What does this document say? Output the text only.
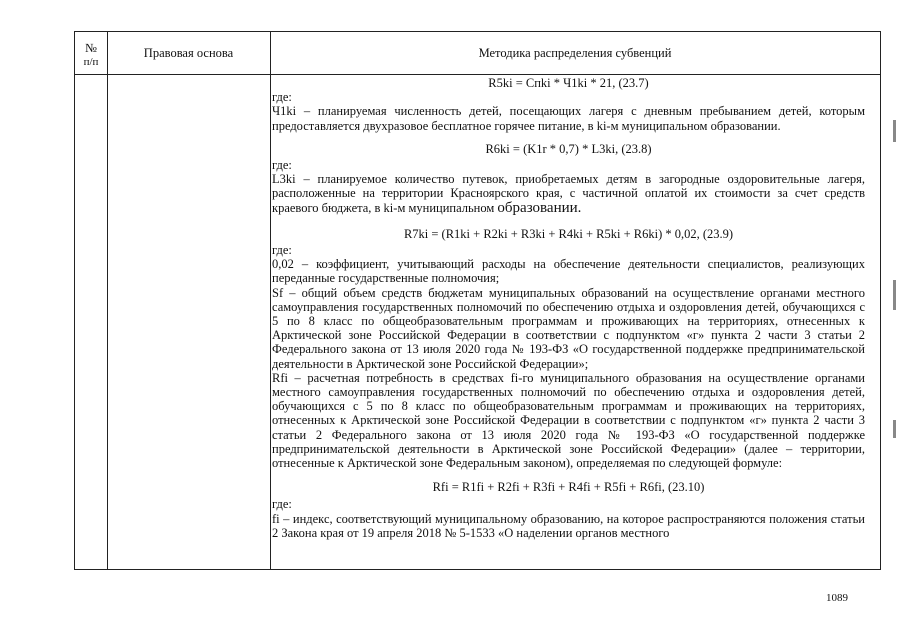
№
п/п
Правовая основа	Методика распределения субвенций

R5ki = Cпki * Ч1ki * 21, (23.7)

где:

Ч1ki – планируемая численность детей, посещающих лагеря с дневным пребыванием детей, которым предоставляется двухразовое бесплатное горячее питание, в ki-м муниципальном образовании.

R6ki = (K1r * 0,7) * L3ki, (23.8)

где:

L3ki – планируемое количество путевок, приобретаемых детям в загородные оздоровительные лагеря, расположенные на территории Красноярского края, с частичной оплатой их стоимости за счет средств краевого бюджета, в ki-м муниципальном образовании.

R7ki = (R1ki + R2ki + R3ki + R4ki + R5ki + R6ki) * 0,02, (23.9)

где:

0,02 – коэффициент, учитывающий расходы на обеспечение деятельности специалистов, реализующих переданные государственные полномочия;

Sf – общий объем средств бюджетам муниципальных образований на осуществление органами местного самоуправления государственных полномочий по обеспечению отдыха и оздоровления детей, обучающихся с 5 по 8 класс по общеобразовательным программам и проживающих на территориях, отнесенных к Арктической зоне Российской Федерации в соответствии с подпунктом «г» пункта 2 части 3 статьи 2 Федерального закона от 13 июля 2020 года № 193-ФЗ «О государственной поддержке предпринимательской деятельности в Арктической зоне Российской Федерации»;

Rfi – расчетная потребность в средствах fi-го муниципального образования на осуществление органами местного самоуправления государственных полномочий по обеспечению отдыха и оздоровления детей, обучающихся с 5 по 8 класс по общеобразовательным программам и проживающих на территориях, отнесенных к Арктической зоне Российской Федерации в соответствии с подпунктом «г» пункта 2 части 3 статьи 2 Федерального закона от 13 июля 2020 года № 193-ФЗ «О государственной поддержке предпринимательской деятельности в Арктической зоне Российской Федерации» (далее – территории, отнесенные к Арктической зоне Федеральным законом), определяемая по следующей формуле:

Rfi = R1fi + R2fi + R3fi + R4fi + R5fi + R6fi, (23.10)

где:

fi – индекс, соответствующий муниципальному образованию, на которое распространяются положения статьи 2 Закона края от 19 апреля 2018 № 5-1533 «О наделении органов местного

1089
